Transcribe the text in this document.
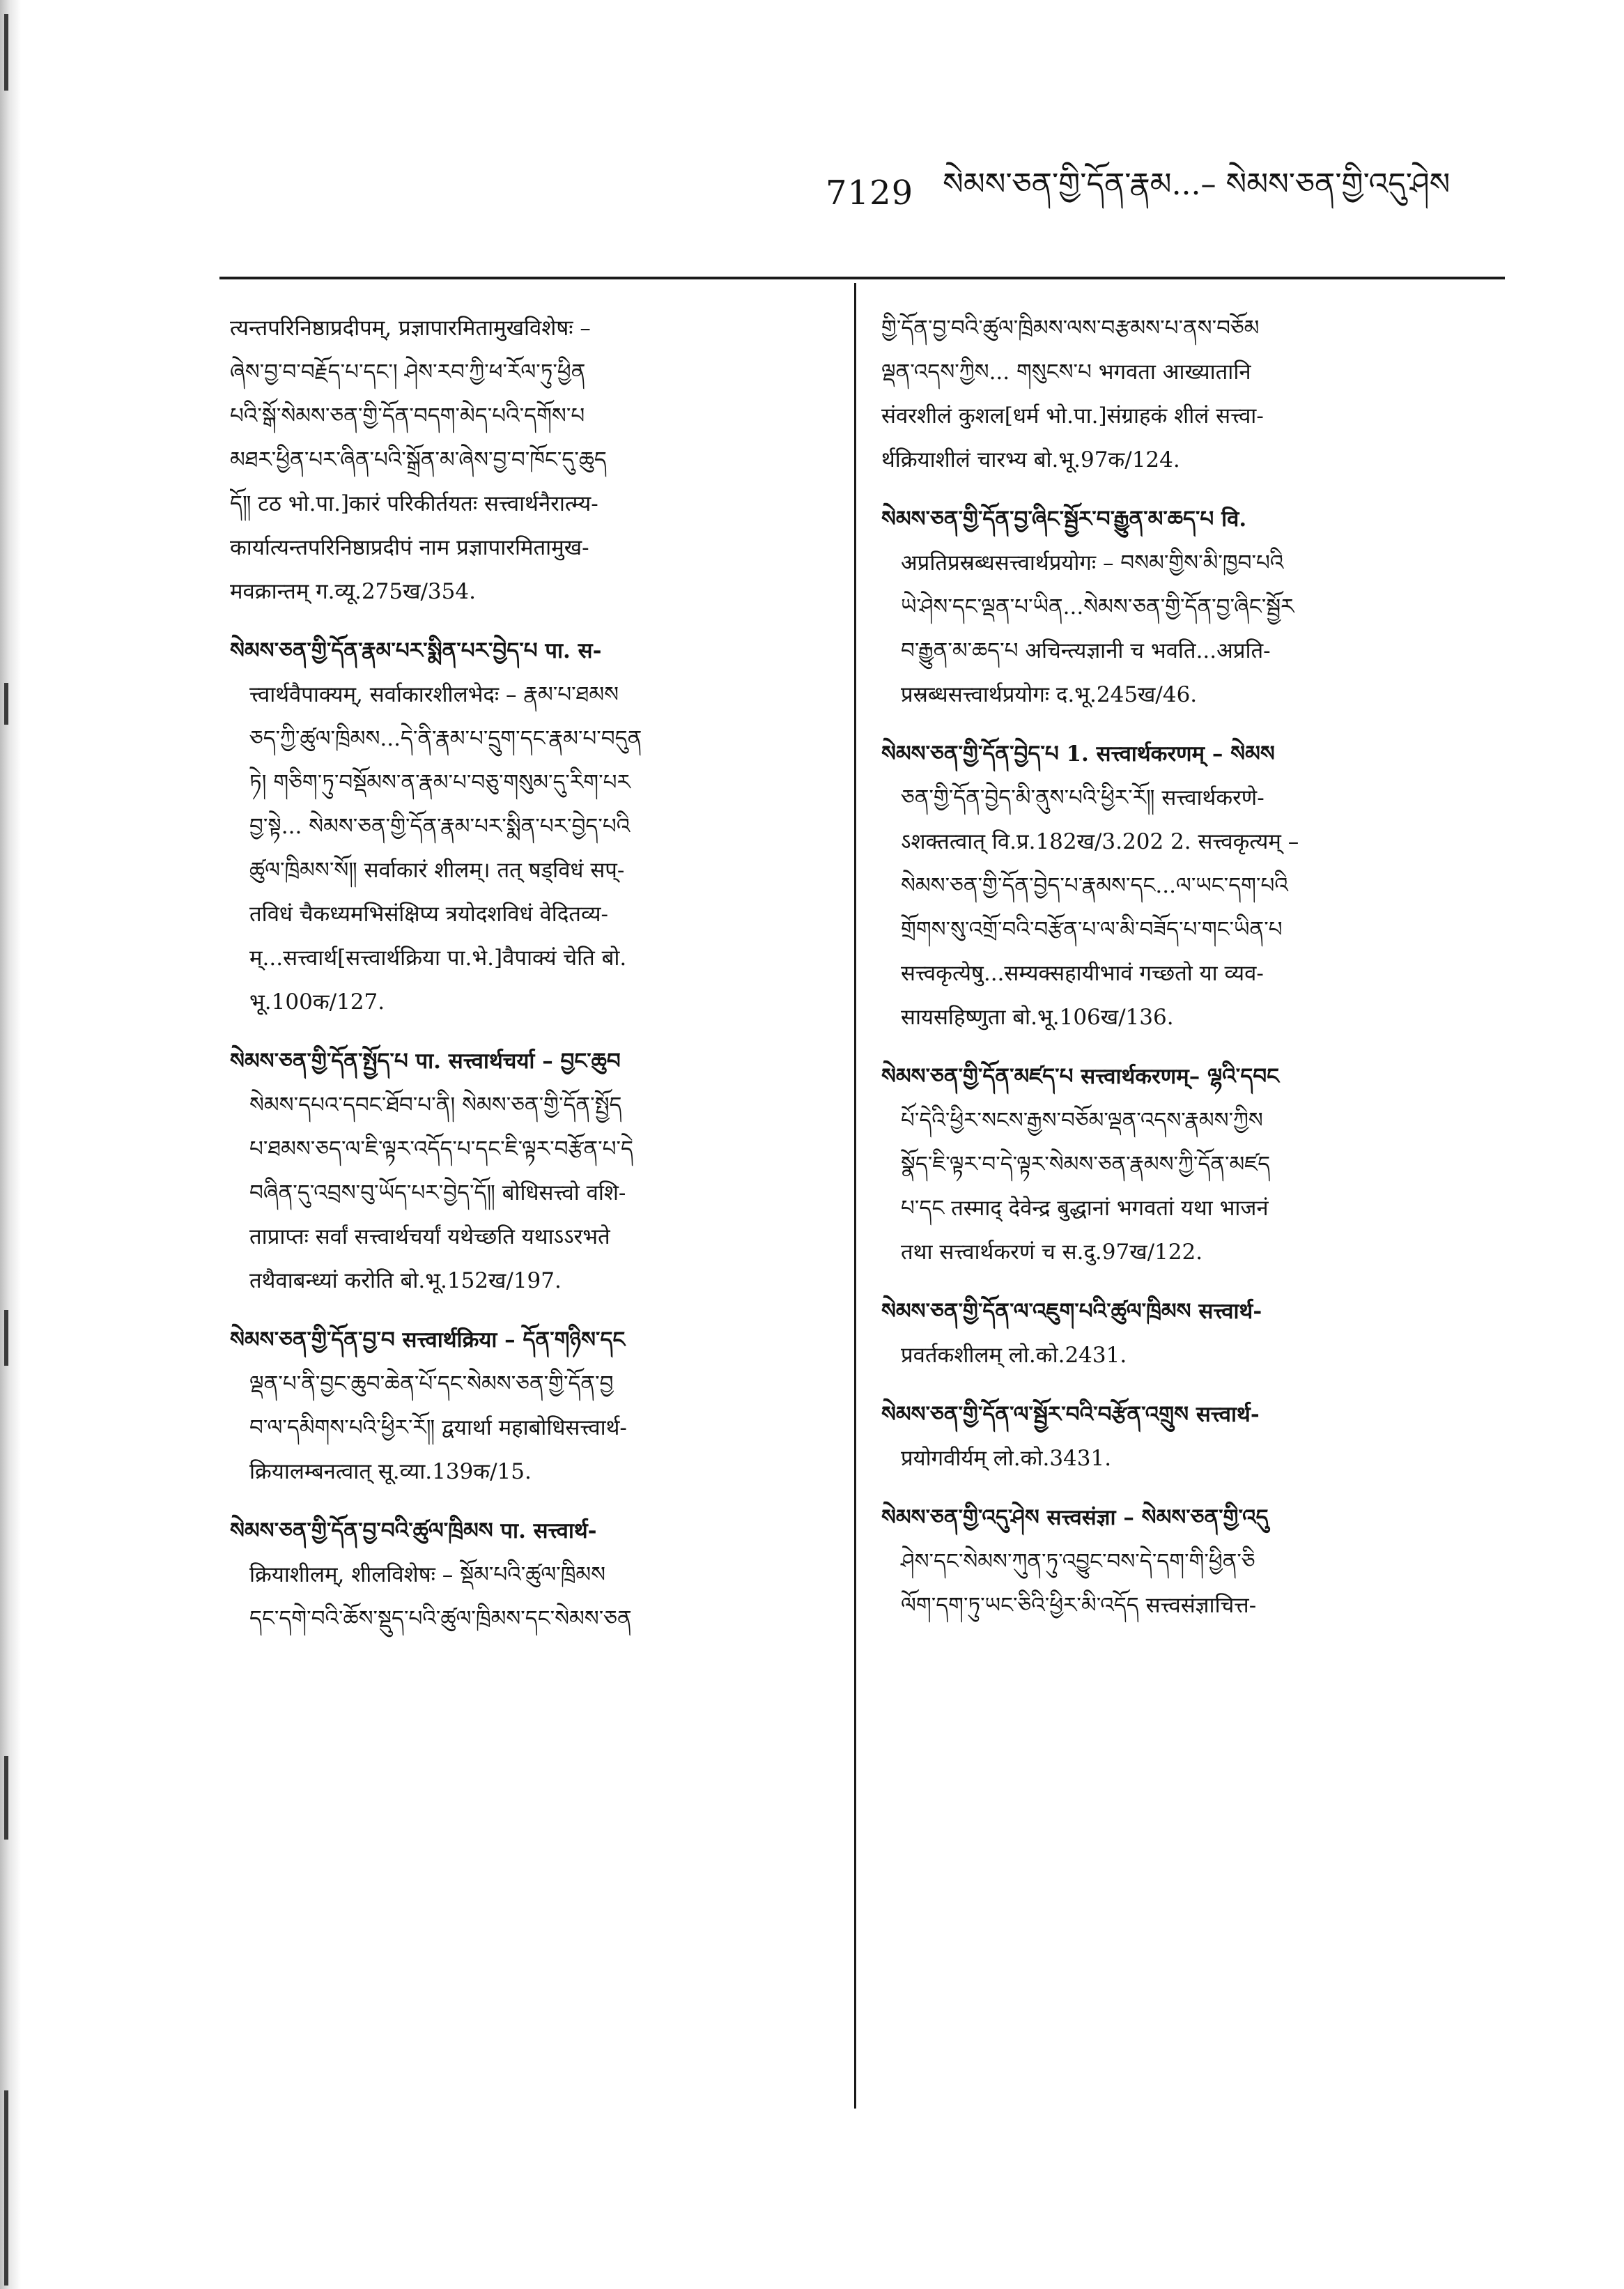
7129 སེམས་ཅན་གྱི་དོན་རྣམ...– སེམས་ཅན་གྱི་འདུ་ཤེས
त्यन्तपरिनिष्ठाप्रदीपम्, प्रज्ञापारमितामुखविशेषः –
ཞེས་བྱ་བ་བརྗོད་པ་དང་། ཤེས་རབ་ཀྱི་ཕ་རོལ་ཏུ་ཕྱིན
པའི་སྒོ་སེམས་ཅན་གྱི་དོན་བདག་མེད་པའི་དགོས་པ
མཐར་ཕྱིན་པར་ཞིན་པའི་སྒྲོན་མ་ཞེས་བྱ་བ་ཁོང་དུ་ཆུད
དོ༎ टठ भो.पा.]कारं परिकीर्तयतः सत्त्वार्थनैरात्म्य-
कार्यात्यन्तपरिनिष्ठाप्रदीपं नाम प्रज्ञापारमितामुख-
मवक्रान्तम् ग.व्यू.275ख/354.
སེམས་ཅན་གྱི་དོན་རྣམ་པར་སྨིན་པར་བྱེད་པ पा. स-
त्त्वार्थवैपाक्यम्, सर्वाकारशीलभेदः – རྣམ་པ་ཐམས
ཅད་ཀྱི་ཚུལ་ཁྲིམས...དེ་ནི་རྣམ་པ་དྲུག་དང་རྣམ་པ་བདུན
ཏེ། གཅིག་ཏུ་བསྡོམས་ན་རྣམ་པ་བཅུ་གསུམ་དུ་རིག་པར
བྱ་སྟེ... སེམས་ཅན་གྱི་དོན་རྣམ་པར་སྨིན་པར་བྱེད་པའི
ཚུལ་ཁྲིམས་སོ༎ सर्वाकारं शीलम्। तत् षड्विधं सप्-
तविधं चैकध्यमभिसंक्षिप्य त्रयोदशविधं वेदितव्य-
म्...सत्त्वार्थ[सत्त्वार्थक्रिया पा.भे.]वैपाक्यं चेति बो.
भू.100क/127.
སེམས་ཅན་གྱི་དོན་སྤྱོད་པ पा. सत्त्वार्थचर्या – བྱང་ཆུབ
སེམས་དཔའ་དབང་ཐོབ་པ་ནི། སེམས་ཅན་གྱི་དོན་སྤྱོད
པ་ཐམས་ཅད་ལ་ཇི་ལྟར་འདོད་པ་དང་ཇི་ལྟར་བརྩོན་པ་དེ
བཞིན་དུ་འབྲས་བུ་ཡོད་པར་བྱེད་དོ༎ बोधिसत्त्वो वशि-
ताप्राप्तः सर्वां सत्त्वार्थचर्यां यथेच्छति यथाऽऽरभते
तथैवाबन्ध्यां करोति बो.भू.152ख/197.
སེམས་ཅན་གྱི་དོན་བྱ་བ सत्त्वार्थक्रिया – དོན་གཉིས་དང
ལྡན་པ་ནི་བྱང་ཆུབ་ཆེན་པོ་དང་སེམས་ཅན་གྱི་དོན་བྱ
བ་ལ་དམིགས་པའི་ཕྱིར་རོ༎ द्वयार्था महाबोधिसत्त्वार्थ-
क्रियालम्बनत्वात् सू.व्या.139क/15.
སེམས་ཅན་གྱི་དོན་བྱ་བའི་ཚུལ་ཁྲིམས पा. सत्त्वार्थ-
क्रियाशीलम्, शीलविशेषः – སྡོམ་པའི་ཚུལ་ཁྲིམས
དང་དགེ་བའི་ཆོས་སྡུད་པའི་ཚུལ་ཁྲིམས་དང་སེམས་ཅན
གྱི་དོན་བྱ་བའི་ཚུལ་ཁྲིམས་ལས་བརྩམས་པ་ནས་བཅོམ
ལྡན་འདས་ཀྱིས... གསུངས་པ भगवता आख्यातानि
संवरशीलं कुशल[धर्म भो.पा.]संग्राहकं शीलं सत्त्वा-
र्थक्रियाशीलं चारभ्य बो.भू.97क/124.
སེམས་ཅན་གྱི་དོན་བྱ་ཞིང་སྦྱོར་བ་རྒྱུན་མ་ཆད་པ वि.
अप्रतिप्रस्रब्धसत्त्वार्थप्रयोगः – བསམ་གྱིས་མི་ཁྱབ་པའི
ཡེ་ཤེས་དང་ལྡན་པ་ཡིན...སེམས་ཅན་གྱི་དོན་བྱ་ཞིང་སྦྱོར
བ་རྒྱུན་མ་ཆད་པ अचिन्त्यज्ञानी च भवति...अप्रति-
प्रस्रब्धसत्त्वार्थप्रयोगः द.भू.245ख/46.
སེམས་ཅན་གྱི་དོན་བྱེད་པ 1. सत्त्वार्थकरणम् – སེམས
ཅན་གྱི་དོན་བྱེད་མི་ནུས་པའི་ཕྱིར་རོ༎ सत्त्वार्थकरणे-
ऽशक्तत्वात् वि.प्र.182ख/3.202 2. सत्त्वकृत्यम् –
སེམས་ཅན་གྱི་དོན་བྱེད་པ་རྣམས་དང...ལ་ཡང་དག་པའི
གྲོགས་སུ་འགྲོ་བའི་བརྩོན་པ་ལ་མི་བཟོད་པ་གང་ཡིན་པ
सत्त्वकृत्येषु...सम्यक्सहायीभावं गच्छतो या व्यव-
सायसहिष्णुता बो.भू.106ख/136.
སེམས་ཅན་གྱི་དོན་མཛད་པ सत्त्वार्थकरणम्– ལྷའི་དབང
པོ་དེའི་ཕྱིར་སངས་རྒྱས་བཅོམ་ལྡན་འདས་རྣམས་ཀྱིས
སྣོད་ཇི་ལྟར་བ་དེ་ལྟར་སེམས་ཅན་རྣམས་ཀྱི་དོན་མཛད
པ་དང तस्माद् देवेन्द्र बुद्धानां भगवतां यथा भाजनं
तथा सत्त्वार्थकरणं च स.दु.97ख/122.
སེམས་ཅན་གྱི་དོན་ལ་འཇུག་པའི་ཚུལ་ཁྲིམས सत्त्वार्थ-
प्रवर्तकशीलम् लो.को.2431.
སེམས་ཅན་གྱི་དོན་ལ་སྦྱོར་བའི་བརྩོན་འགྲུས सत्त्वार्थ-
प्रयोगवीर्यम् लो.को.3431.
སེམས་ཅན་གྱི་འདུ་ཤེས सत्त्वसंज्ञा – སེམས་ཅན་གྱི་འདུ
ཤེས་དང་སེམས་ཀུན་ཏུ་འབྱུང་བས་དེ་དག་གི་ཕྱིན་ཅི
ལོག་དག་ཏུ་ཡང་ཅིའི་ཕྱིར་མི་འདོད सत्त्वसंज्ञाचित्त-
